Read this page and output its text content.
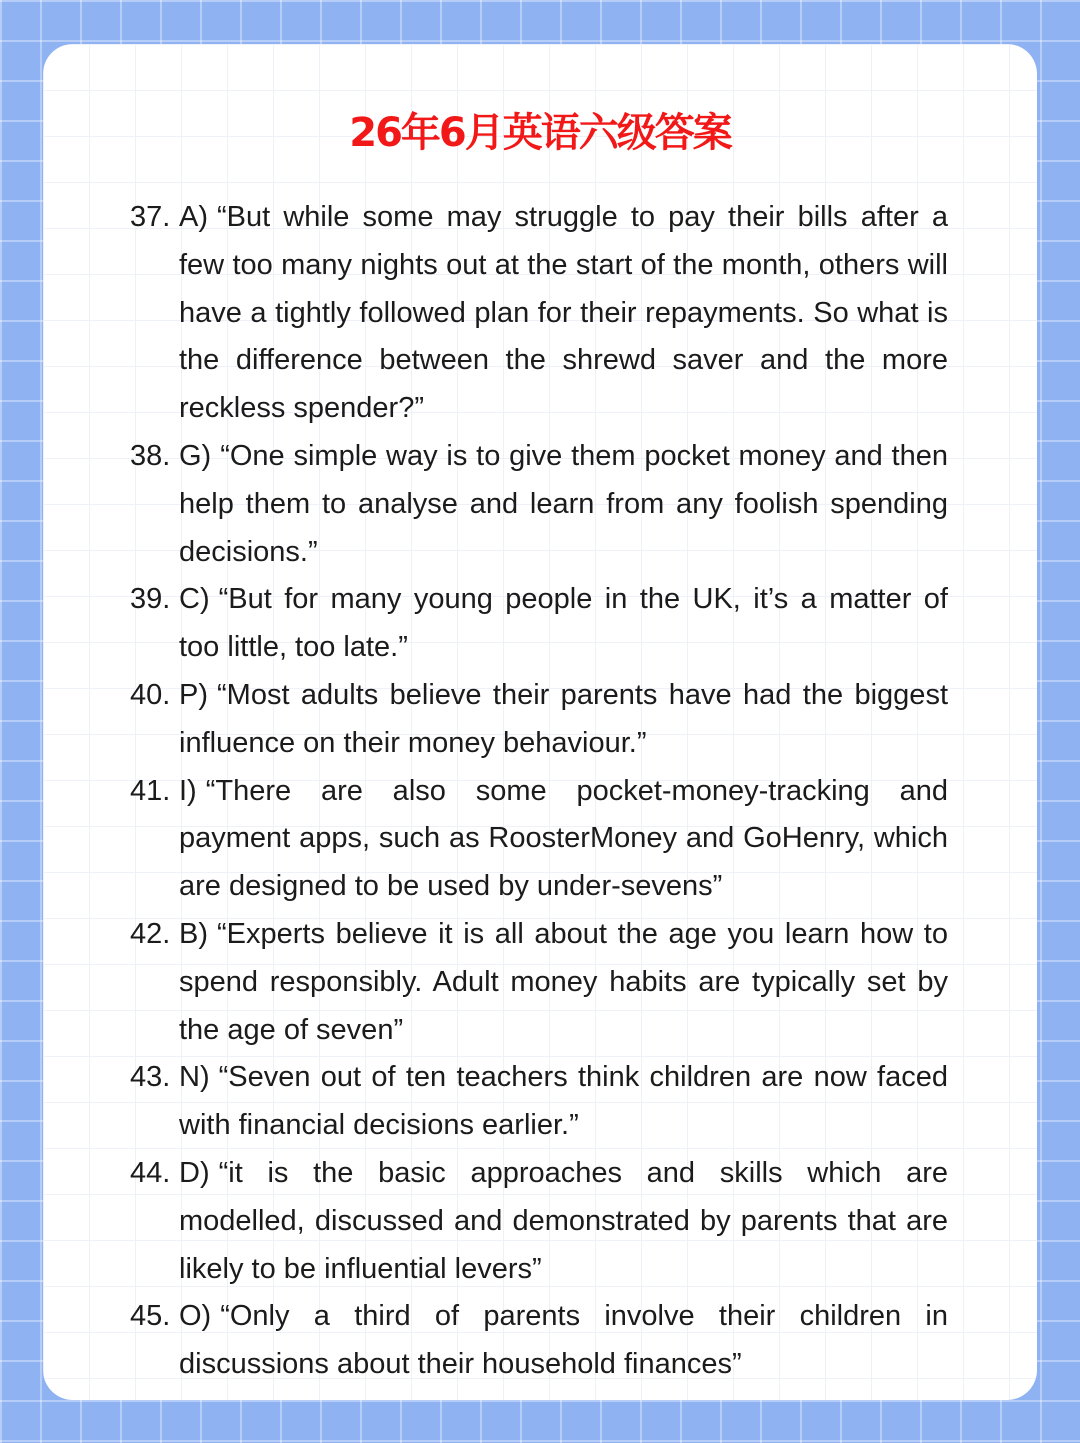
26年6月英语六级答案
37. A) “But while some may struggle to pay their bills after a few too many nights out at the start of the month, others will have a tightly followed plan for their repayments. So what is the difference between the shrewd saver and the more reckless spender?”
38. G) “One simple way is to give them pocket money and then help them to analyse and learn from any foolish spending decisions.”
39. C) “But for many young people in the UK, it’s a matter of too little, too late.”
40. P) “Most adults believe their parents have had the biggest influence on their money behaviour.”
41. I) “There are also some pocket-money-tracking and payment apps, such as RoosterMoney and GoHenry, which are designed to be used by under-sevens”
42. B) “Experts believe it is all about the age you learn how to spend responsibly. Adult money habits are typically set by the age of seven”
43. N) “Seven out of ten teachers think children are now faced with financial decisions earlier.”
44. D) “it is the basic approaches and skills which are modelled, discussed and demonstrated by parents that are likely to be influential levers”
45. O) “Only a third of parents involve their children in discussions about their household finances”
